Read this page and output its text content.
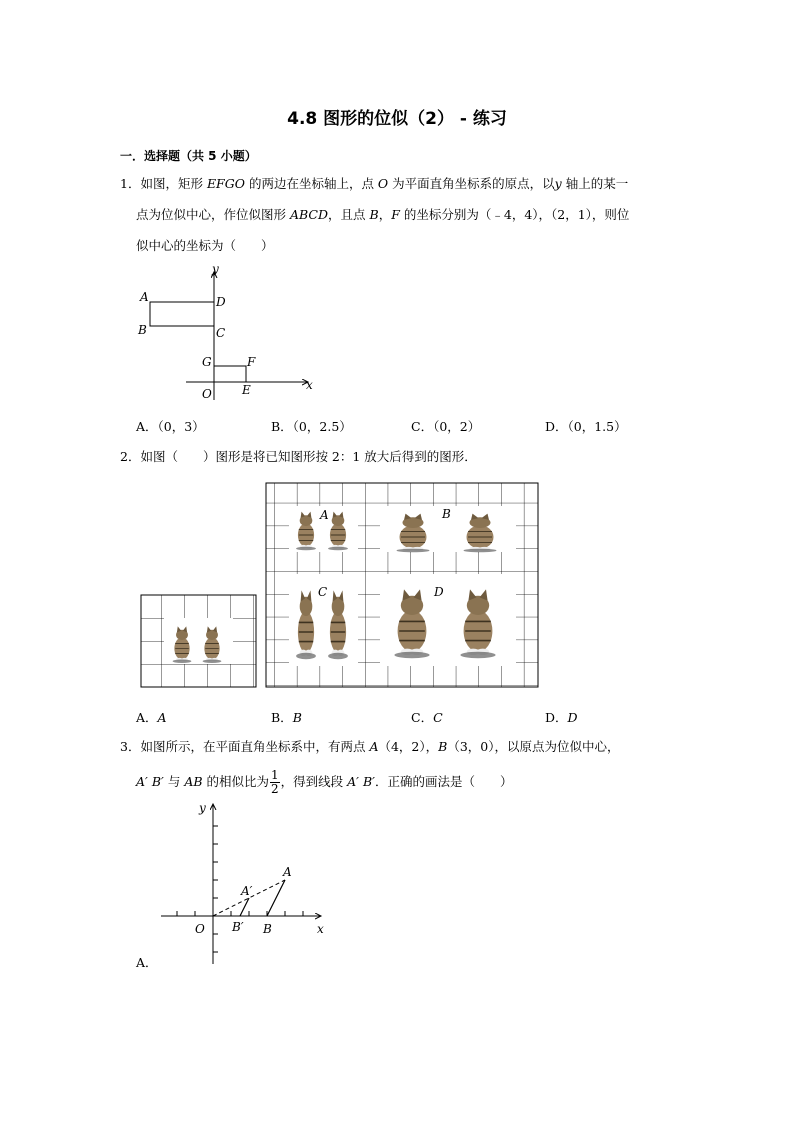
4.8 图形的位似（2） - 练习
一．选择题（共 5 小题）
1．如图，矩形 EFGO 的两边在坐标轴上，点 O 为平面直角坐标系的原点，以y 轴上的某一
点为位似中心，作位似图形 ABCD，且点 B，F 的坐标分别为（﹣4，4），（2，1），则位
似中心的坐标为（　　）
x
y
A
B	C
D
E
F
G
O
A．（0，3）	B．（0，2.5）	C．（0，2）	D．（0，1.5）
2．如图（　　）图形是将已知图形按 2：1 放大后得到的图形．
A	B
C	D
A．A	B．B	C．C	D．D
3．如图所示，在平面直角坐标系中，有两点 A（4，2），B（3，0），以原点为位似中心，
A′ B′ 与 AB 的相似比为 $\frac{1}{2}$ ，得到线段 A′ B′．正确的画法是（　　）
x
y
O
A
A′
B
B′
A．
